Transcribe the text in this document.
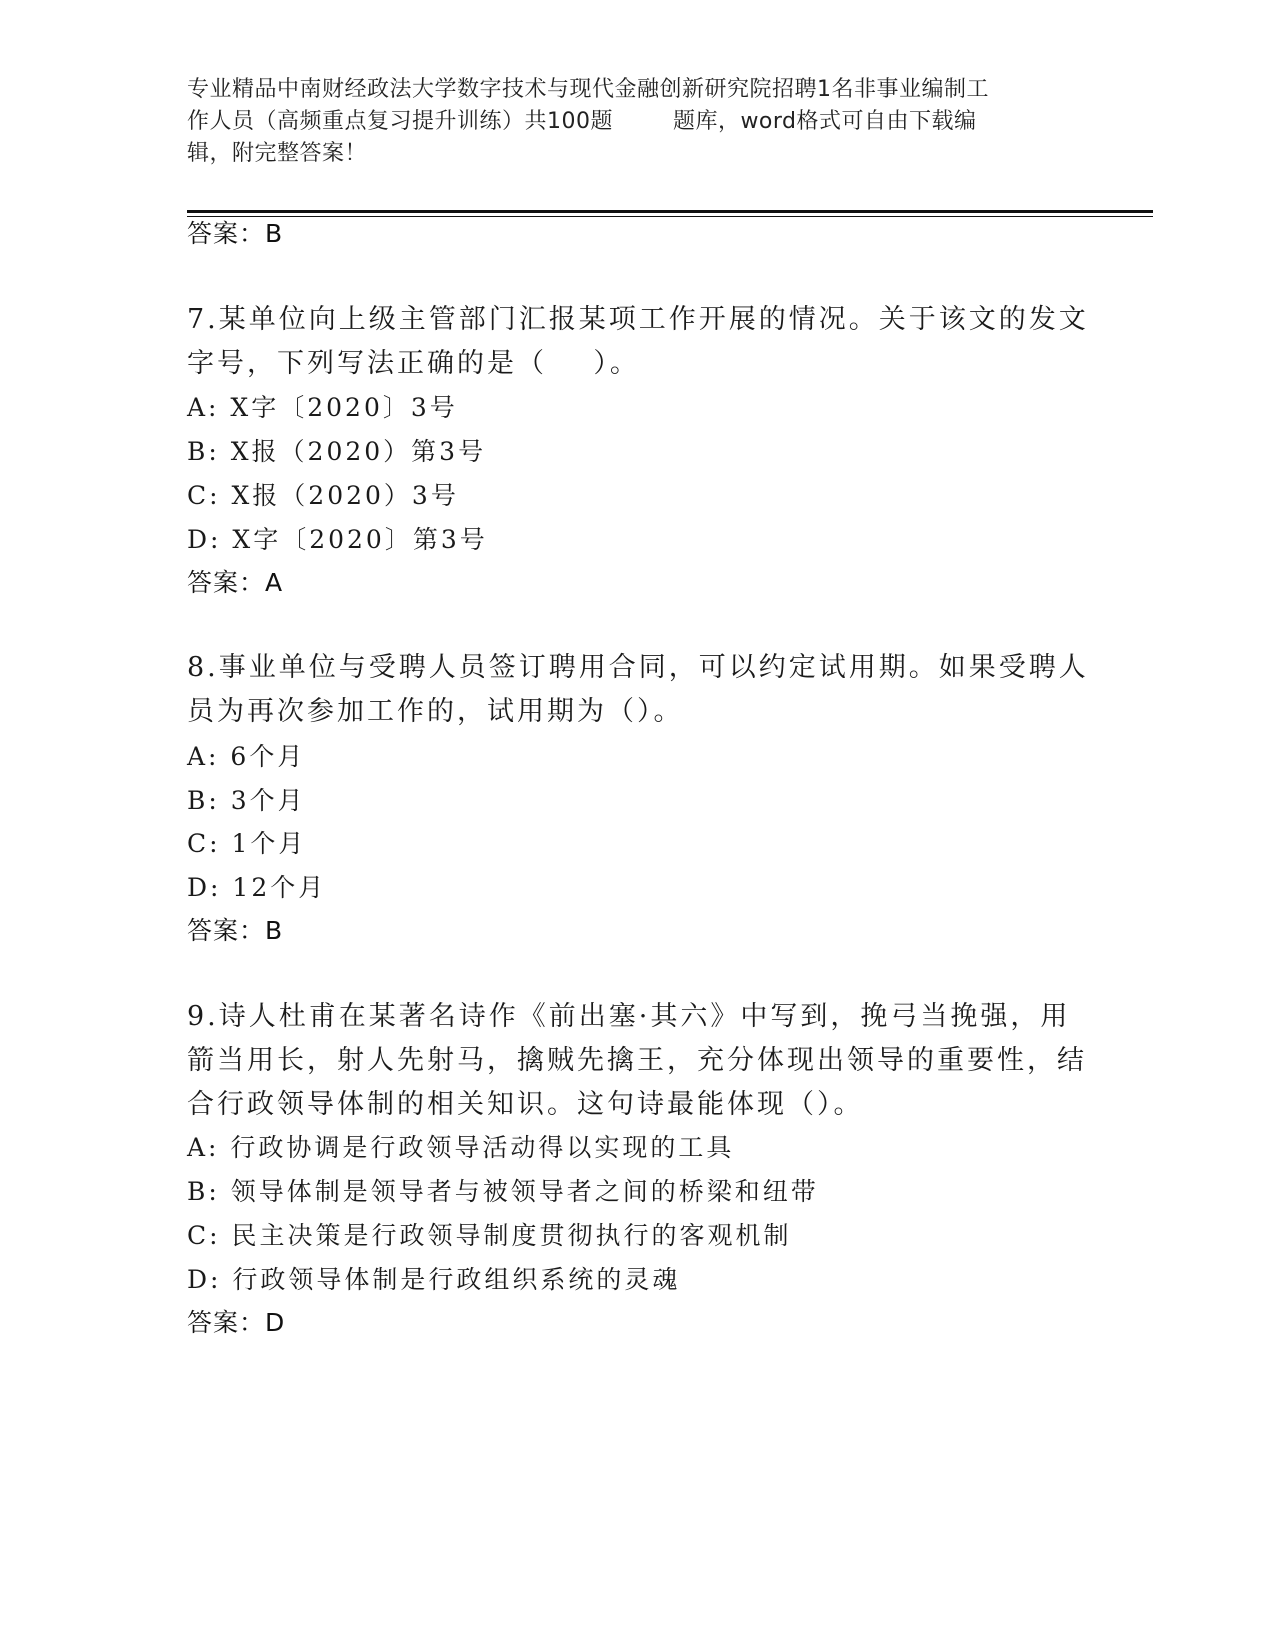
专业精品中南财经政法大学数字技术与现代金融创新研究院招聘1名非事业编制工
作人员（高频重点复习提升训练）共100题        题库，word格式可自由下载编
辑，附完整答案！
答案：B
7.某单位向上级主管部门汇报某项工作开展的情况。关于该文的发文
字号，下列写法正确的是（    ）。
A: X字〔2020〕3号
B: X报（2020）第3号
C: X报（2020）3号
D: X字〔2020〕第3号
答案：A
8.事业单位与受聘人员签订聘用合同，可以约定试用期。如果受聘人
员为再次参加工作的，试用期为（）。
A: 6个月
B: 3个月
C: 1个月
D: 12个月
答案：B
9.诗人杜甫在某著名诗作《前出塞·其六》中写到，挽弓当挽强，用
箭当用长，射人先射马，擒贼先擒王，充分体现出领导的重要性，结
合行政领导体制的相关知识。这句诗最能体现（）。
A: 行政协调是行政领导活动得以实现的工具
B: 领导体制是领导者与被领导者之间的桥梁和纽带
C: 民主决策是行政领导制度贯彻执行的客观机制
D: 行政领导体制是行政组织系统的灵魂
答案：D
